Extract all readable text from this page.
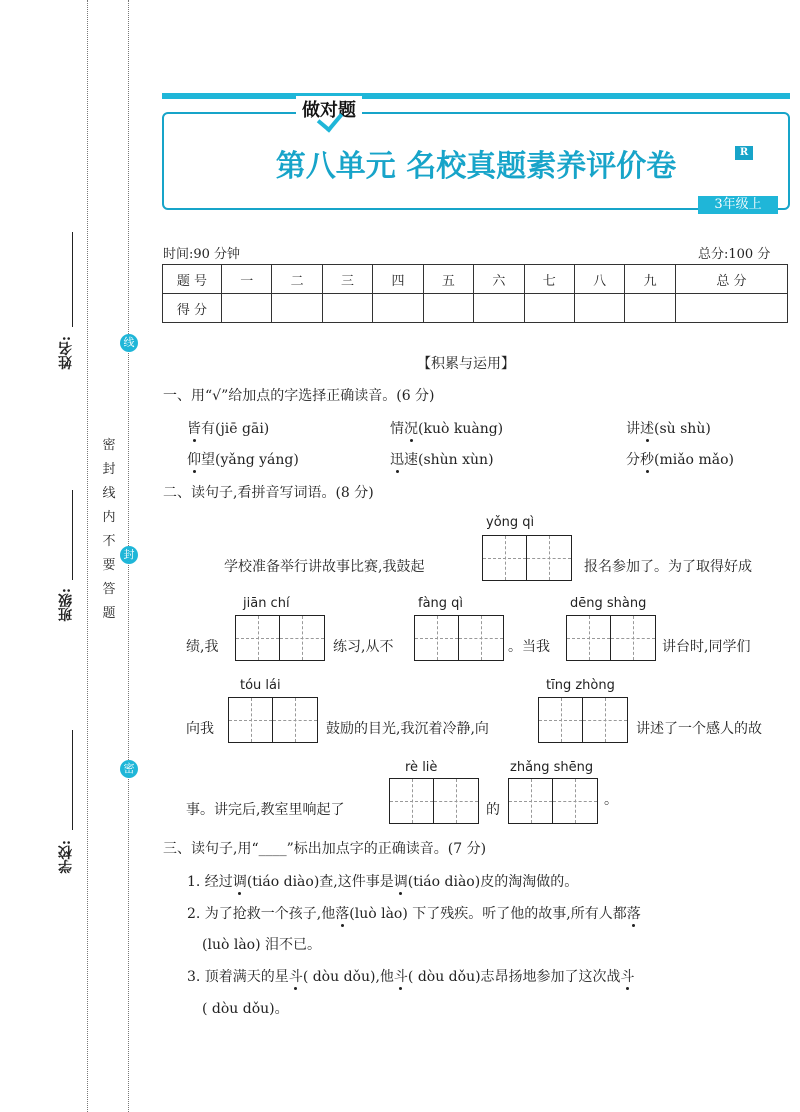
姓名:
班级:
学校:
密 封 线 内 不 要 答 题
线
封
密
做对题
第八单元 名校真题素养评价卷	R
3年级上
时间:90 分钟	总分:100 分
题 号	一	二	三	四	五	六	七	八	九	总 分
得 分										
【积累与运用】
一、用“√”给加点的字选择正确读音。(6 分)
皆有(jiē gāi)	情况(kuò kuàng)	讲述(sù shù)
仰望(yǎng yáng)	迅速(shùn xùn)	分秒(miǎo mǎo)
二、读句子,看拼音写词语。(8 分)
yǒng qì
学校准备举行讲故事比赛,我鼓起	报名参加了。为了取得好成
jiān chí	fàng qì	dēng shàng
绩,我	练习,从不	。当我	讲台时,同学们
tóu lái	tīng zhòng
向我	鼓励的目光,我沉着冷静,向	讲述了一个感人的故
rè liè	zhǎng shēng
事。讲完后,教室里响起了	的
。
三、读句子,用“____”标出加点字的正确读音。(7 分)
1. 经过调(tiáo diào)查,这件事是调(tiáo diào)皮的淘淘做的。
2. 为了抢救一个孩子,他落(luò lào) 下了残疾。听了他的故事,所有人都落
(luò lào) 泪不已。
3. 顶着满天的星斗( dòu dǒu),他斗( dòu dǒu)志昂扬地参加了这次战斗
( dòu dǒu)。
